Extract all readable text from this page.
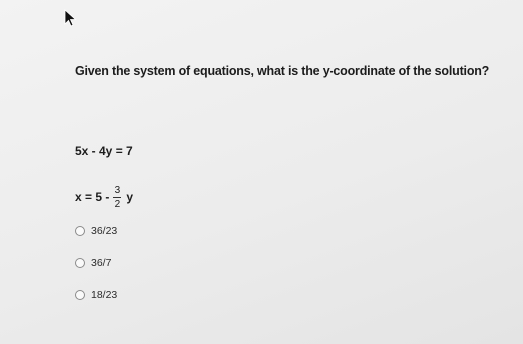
Given the system of equations, what is the y-coordinate of the solution?
5x - 4y = 7
$x = 5 - \frac{3}{2}$ y
36/23
36/7
18/23
